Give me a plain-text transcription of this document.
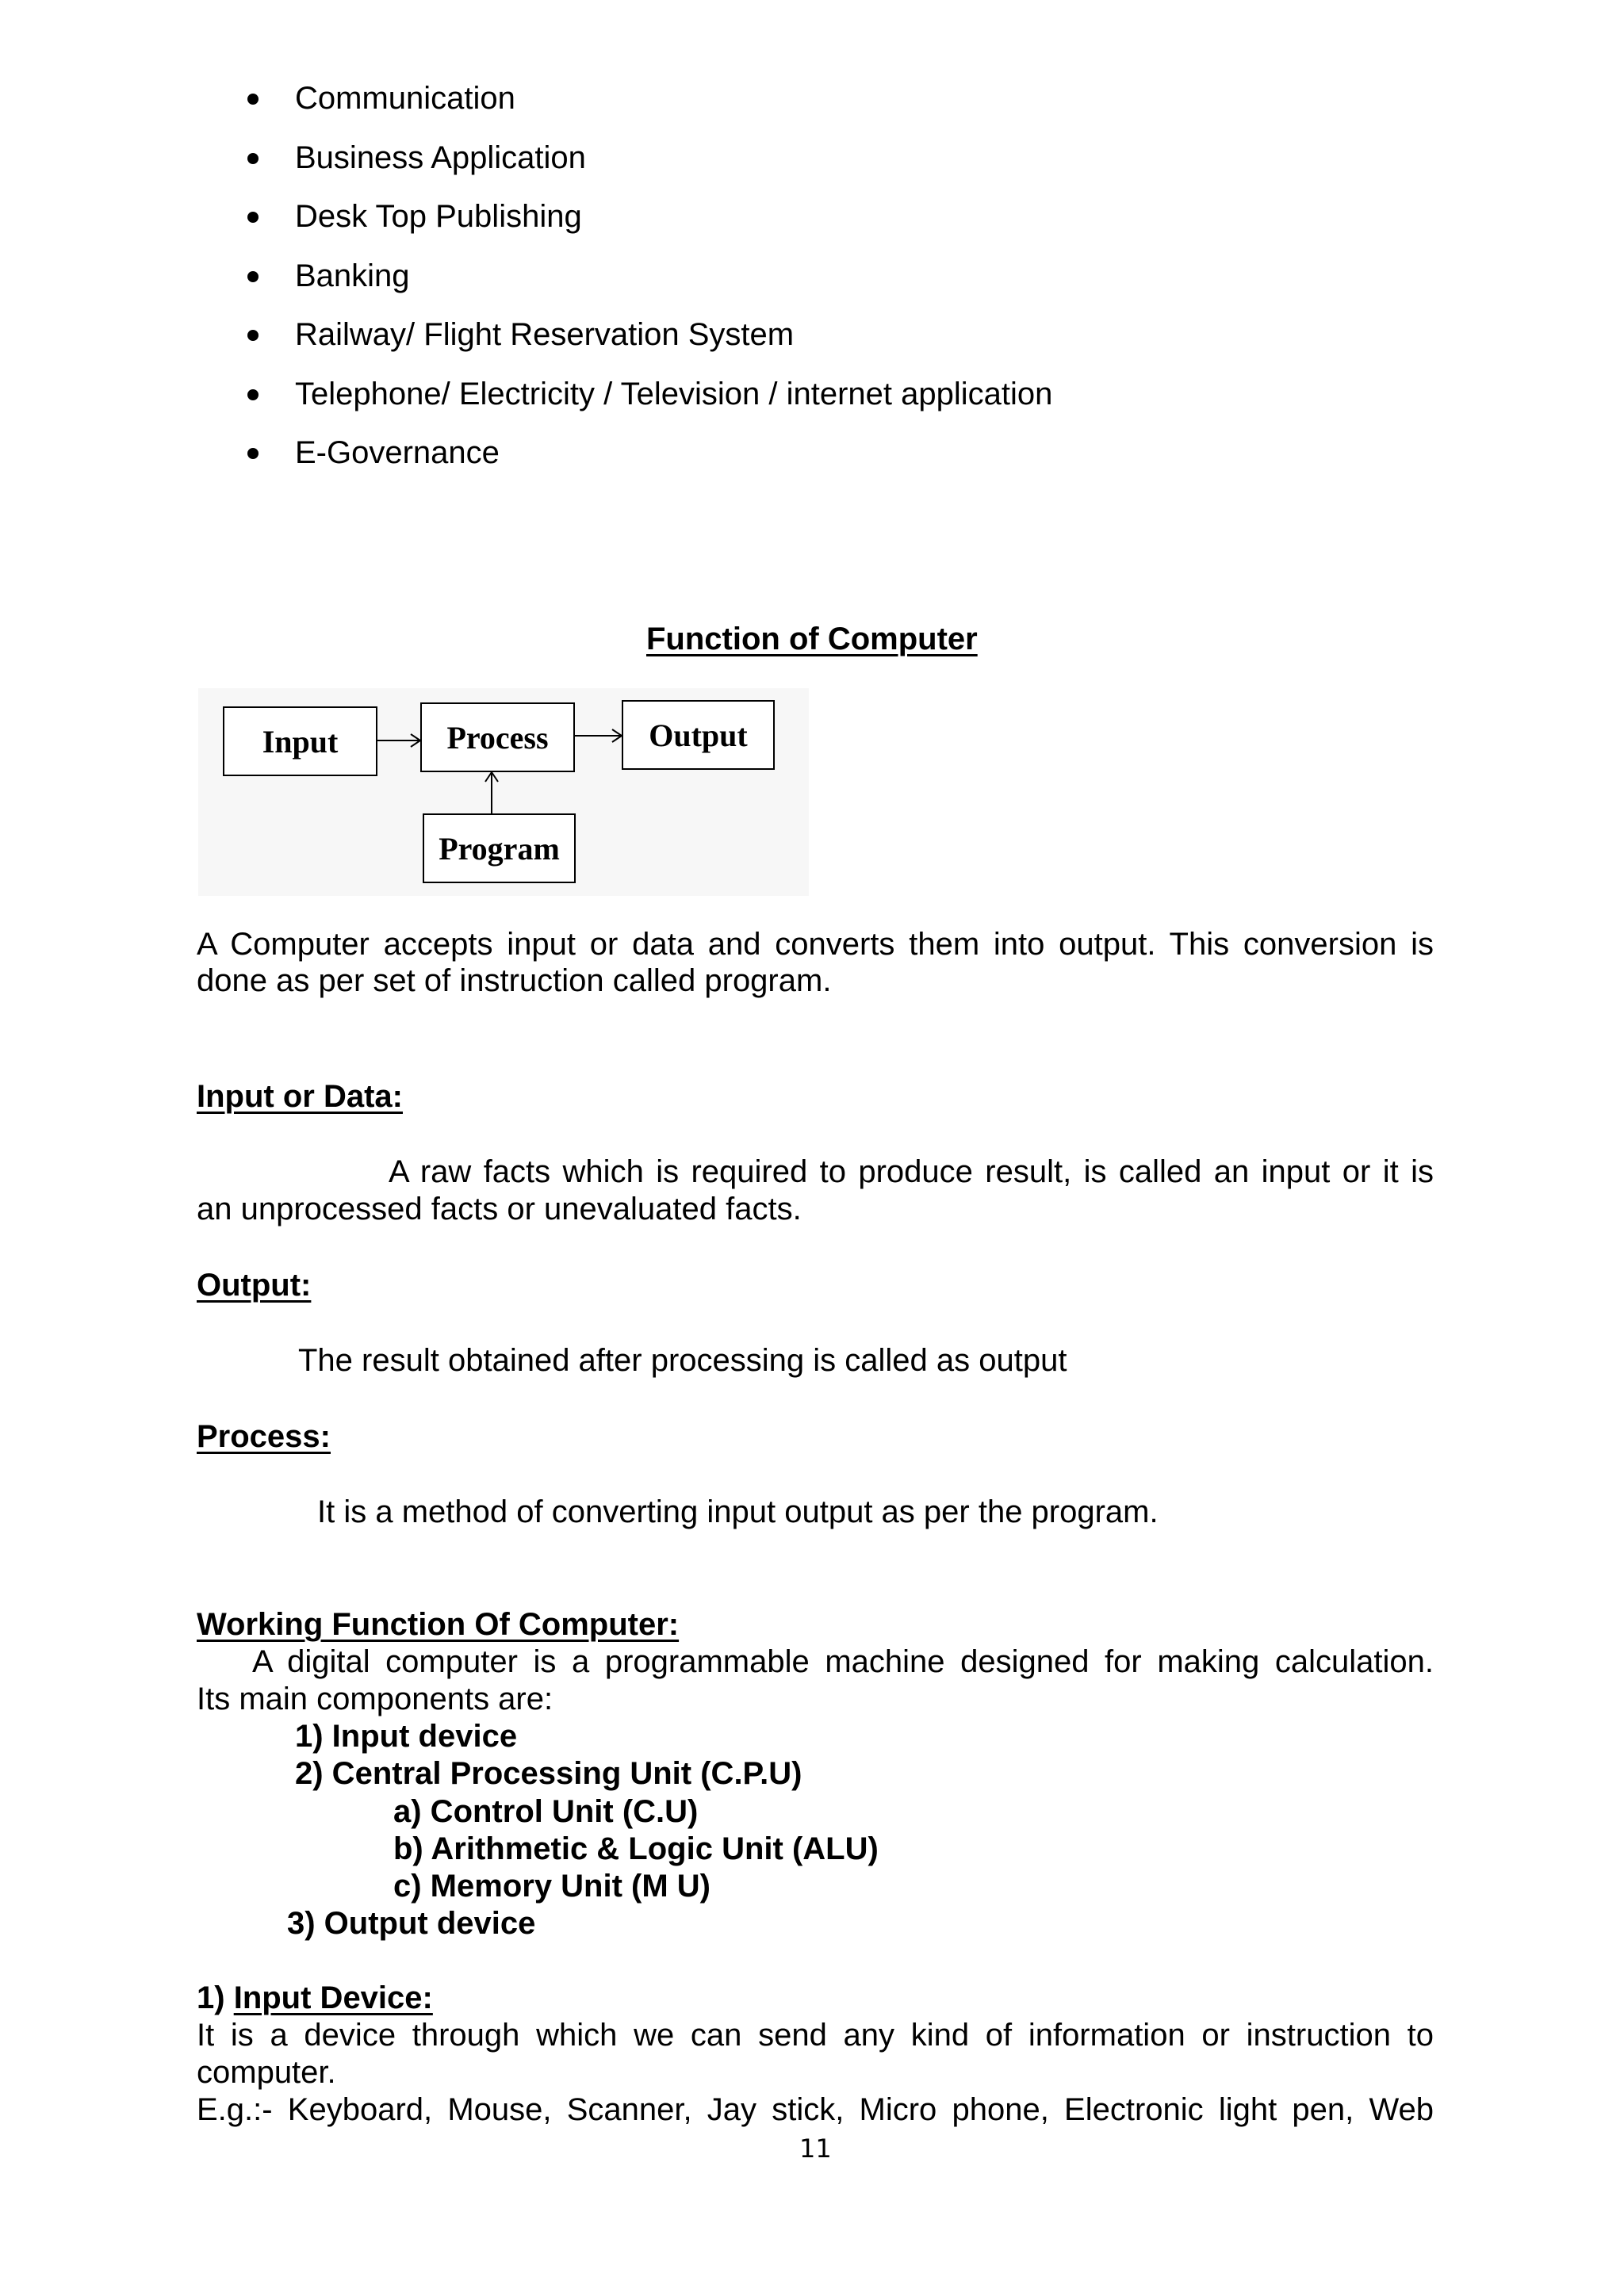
Communication
Business Application
Desk Top Publishing
Banking
Railway/ Flight Reservation System
Telephone/ Electricity / Television / internet application
E-Governance
Function of Computer
Input	Process	Output
Program
A Computer accepts input or data and converts them into output. This conversion is
done as per set of instruction called program.
Input or Data:
A raw facts which is required to produce result, is called an input or it is
an unprocessed facts or unevaluated facts.
Output:
The result obtained after processing is called as output
Process:
It is a method of converting input output as per the program.
Working Function Of Computer:
A digital computer is a programmable machine designed for making calculation.
Its main components are:
1) Input device
2) Central Processing Unit (C.P.U)
a) Control Unit (C.U)
b) Arithmetic & Logic Unit (ALU)
c) Memory Unit (M U)
3) Output device
1) Input Device:
It is a device through which we can send any kind of information or instruction to
computer.
E.g.:- Keyboard, Mouse, Scanner, Jay stick, Micro phone, Electronic light pen, Web
11
